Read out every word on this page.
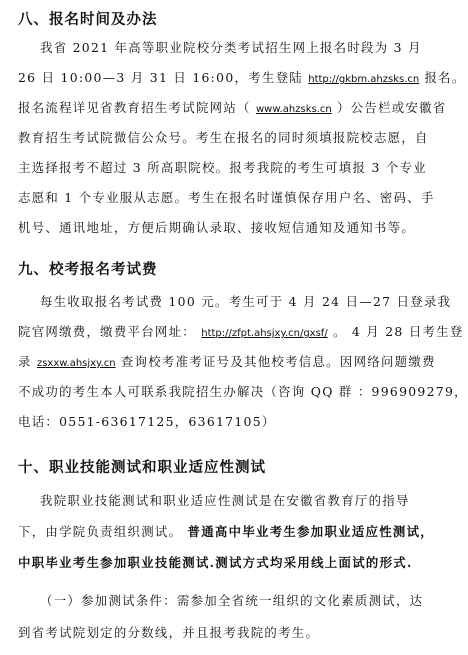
八、报名时间及办法
我省 2021 年高等职业院校分类考试招生网上报名时段为 3 月
26 日 10:00—3 月 31 日 16:00，考生登陆 http://gkbm.ahzsks.cn 报名。
报名流程详见省教育招生考试院网站（ www.ahzsks.cn ）公告栏或安徽省
教育招生考试院微信公众号。考生在报名的同时须填报院校志愿，自
主选择报考不超过 3 所高职院校。报考我院的考生可填报 3 个专业
志愿和 1 个专业服从志愿。考生在报名时谨慎保存用户名、密码、手
机号、通讯地址，方便后期确认录取、接收短信通知及通知书等。
九、校考报名考试费
每生收取报名考试费 100 元。考生可于 4 月 24 日—27 日登录我
院官网缴费，缴费平台网址： http://zfpt.ahsjxy.cn/gxsf/ 。 4 月 28 日考生登
录 zsxxw.ahsjxy.cn 查询校考准考证号及其他校考信息。因网络问题缴费
不成功的考生本人可联系我院招生办解决（咨询 QQ 群 ：996909279，
电话：0551-63617125，63617105）
十、职业技能测试和职业适应性测试
我院职业技能测试和职业适应性测试是在安徽省教育厅的指导
下，由学院负责组织测试。 普通高中毕业考生参加职业适应性测试，
中职毕业考生参加职业技能测试.测试方式均采用线上面试的形式.
（一）参加测试条件：需参加全省统一组织的文化素质测试，达
到省考试院划定的分数线，并且报考我院的考生。
